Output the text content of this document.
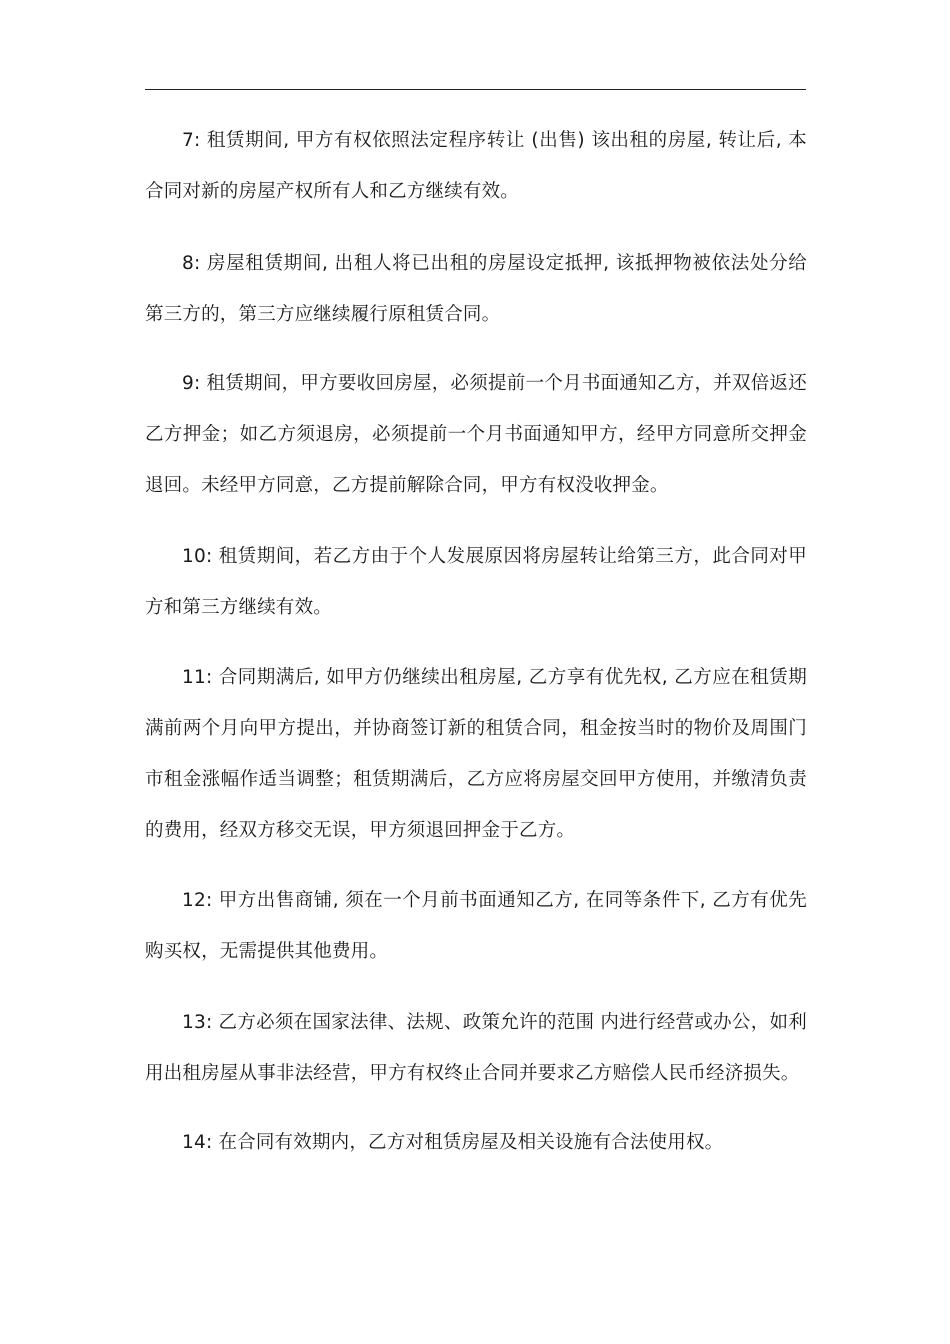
7: 租赁期间, 甲方有权依照法定程序转让 (出售) 该出租的房屋, 转让后, 本合同对新的房屋产权所有人和乙方继续有效。

8: 房屋租赁期间, 出租人将已出租的房屋设定抵押, 该抵押物被依法处分给第三方的，第三方应继续履行原租赁合同。

9: 租赁期间，甲方要收回房屋，必须提前一个月书面通知乙方，并双倍返还乙方押金；如乙方须退房，必须提前一个月书面通知甲方，经甲方同意所交押金退回。未经甲方同意，乙方提前解除合同，甲方有权没收押金。

10: 租赁期间，若乙方由于个人发展原因将房屋转让给第三方，此合同对甲方和第三方继续有效。

11: 合同期满后, 如甲方仍继续出租房屋, 乙方享有优先权, 乙方应在租赁期满前两个月向甲方提出，并协商签订新的租赁合同，租金按当时的物价及周围门市租金涨幅作适当调整；租赁期满后，乙方应将房屋交回甲方使用，并缴清负责的费用，经双方移交无误，甲方须退回押金于乙方。

12: 甲方出售商铺, 须在一个月前书面通知乙方, 在同等条件下, 乙方有优先购买权，无需提供其他费用。

13: 乙方必须在国家法律、法规、政策允许的范围 内进行经营或办公，如利用出租房屋从事非法经营，甲方有权终止合同并要求乙方赔偿人民币经济损失。

14: 在合同有效期内，乙方对租赁房屋及相关设施有合法使用权。
